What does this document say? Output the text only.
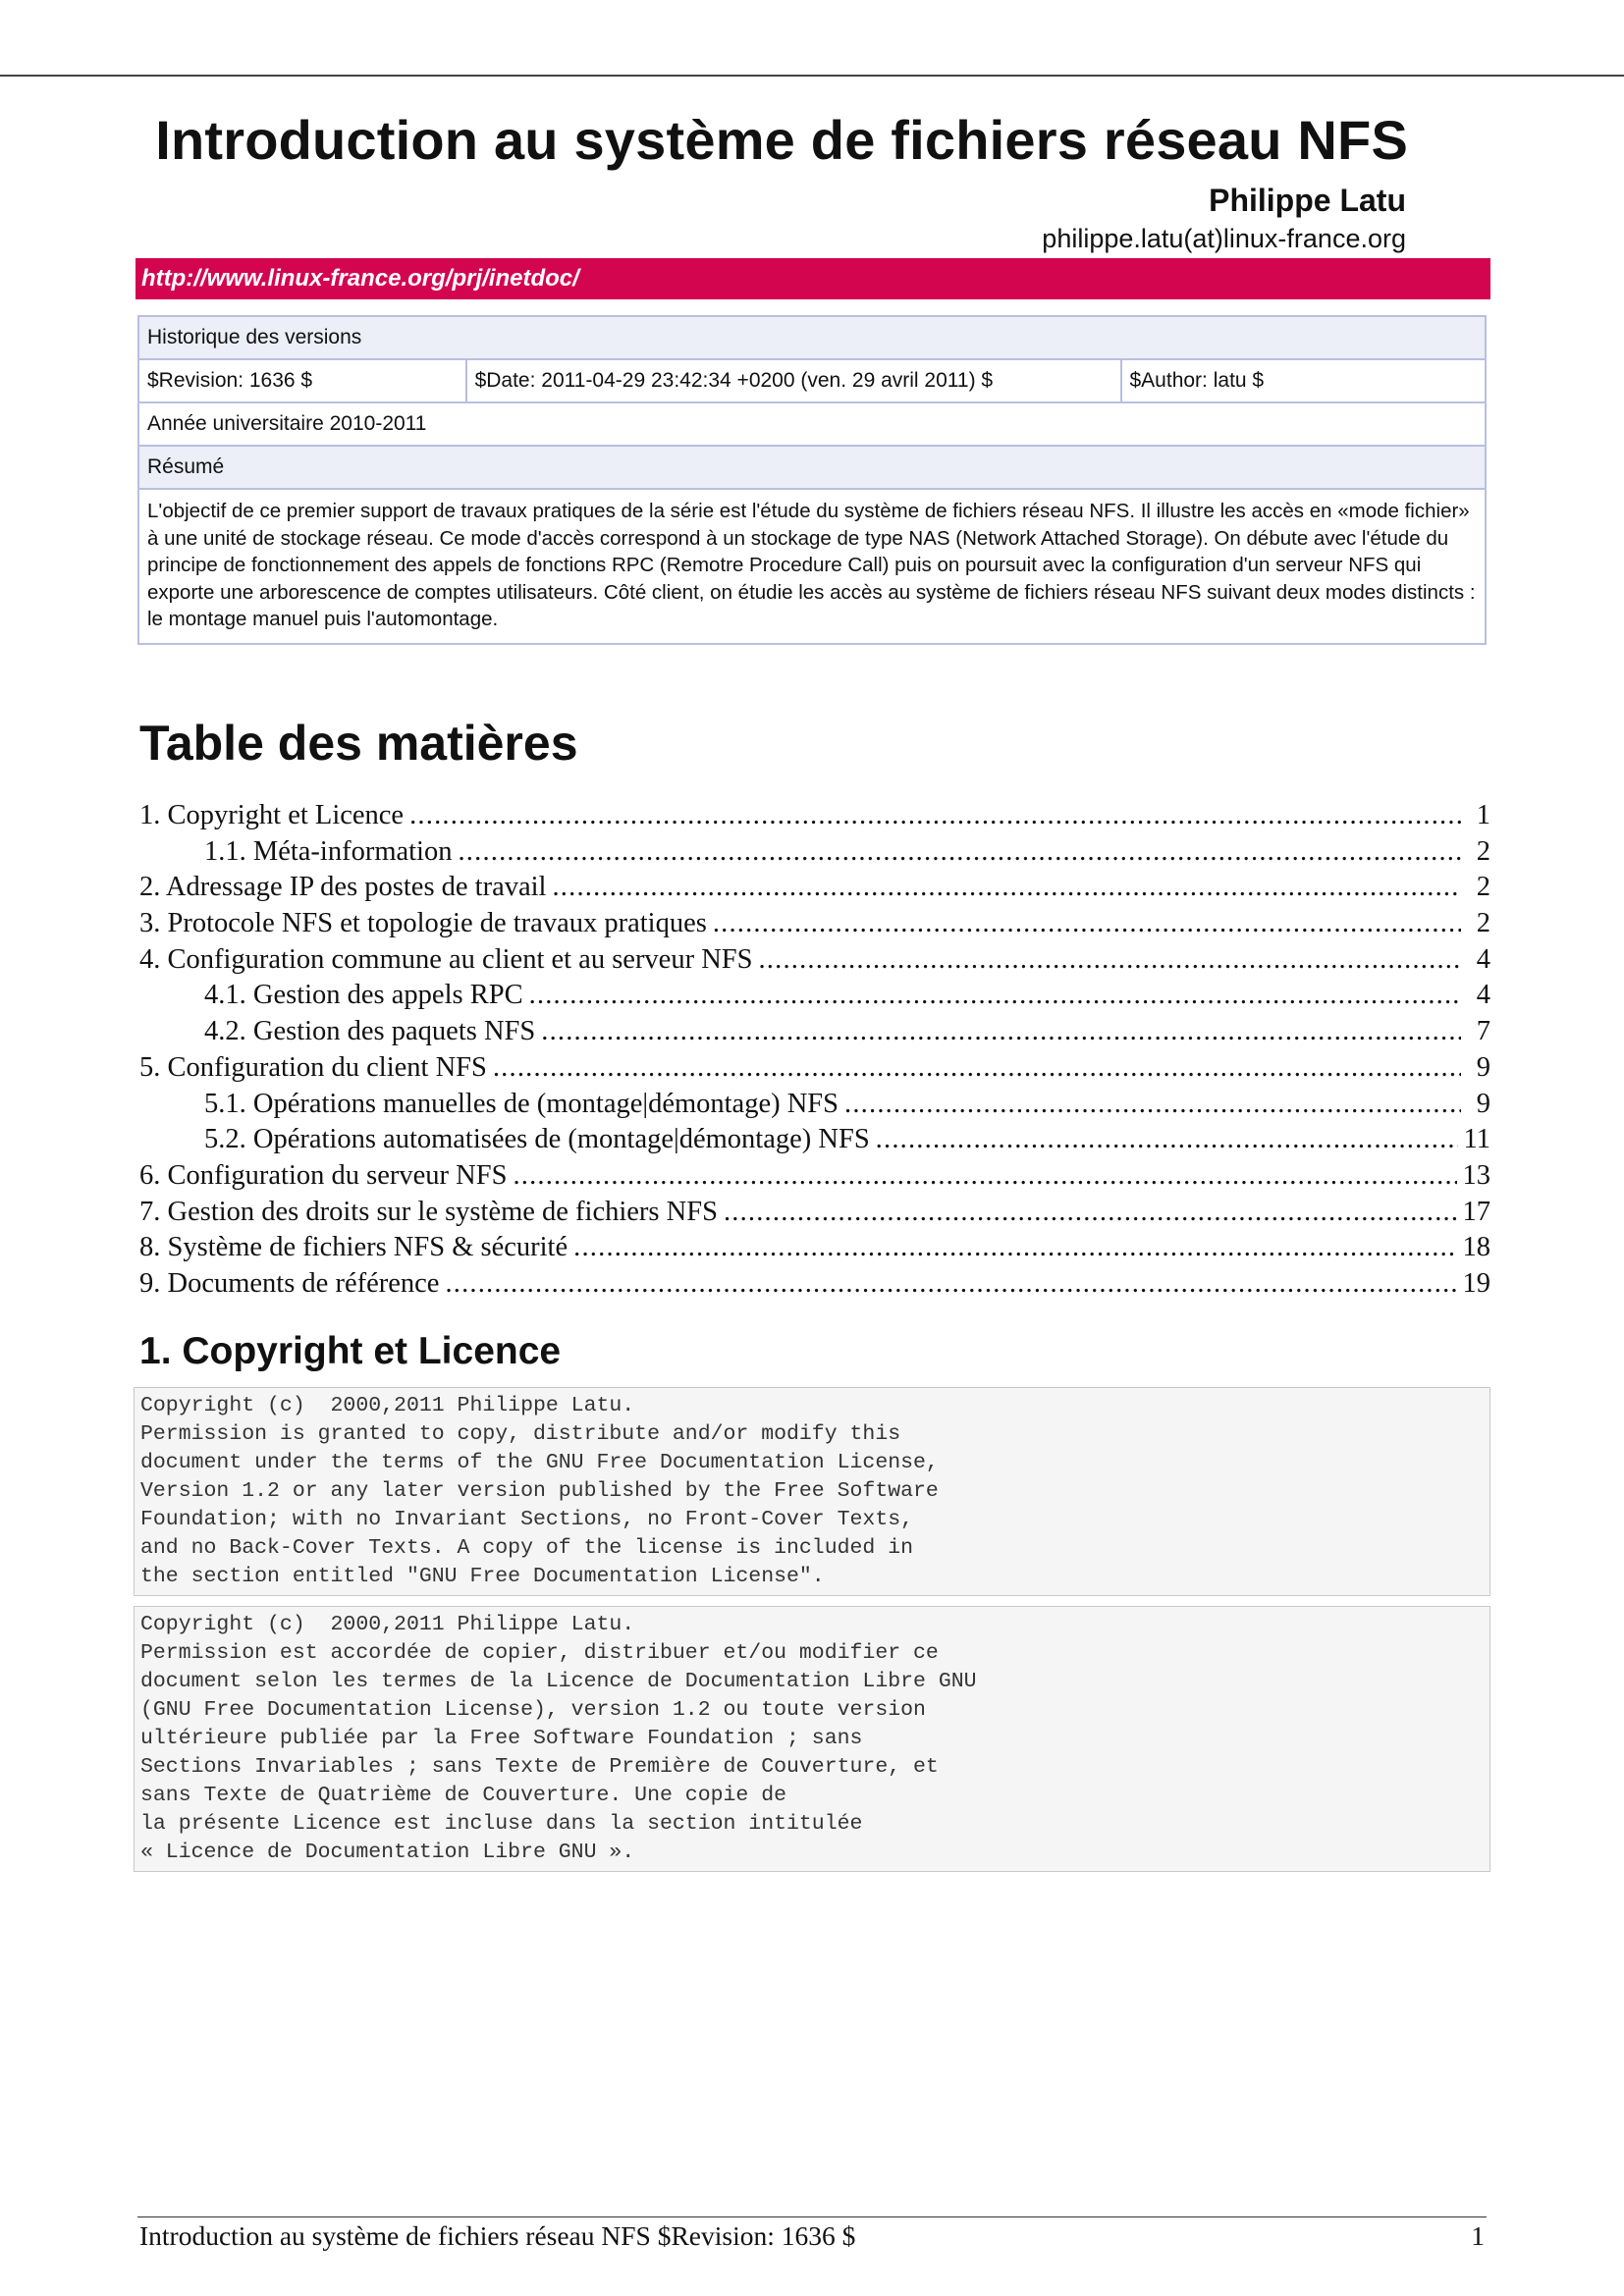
Introduction au système de fichiers réseau NFS
Philippe Latu
philippe.latu(at)linux-france.org
http://www.linux-france.org/prj/inetdoc/
Historique des versions
$Revision: 1636 $	$Date: 2011-04-29 23:42:34 +0200 (ven. 29 avril 2011) $	$Author: latu $
Année universitaire 2010-2011
Résumé
L'objectif de ce premier support de travaux pratiques de la série est l'étude du système de fichiers réseau NFS. Il illustre les accès en «mode fichier» à une unité de stockage réseau. Ce mode d'accès correspond à un stockage de type NAS (Network Attached Storage). On débute avec l'étude du principe de fonctionnement des appels de fonctions RPC (Remotre Procedure Call) puis on poursuit avec la configuration d'un serveur NFS qui exporte une arborescence de comptes utilisateurs. Côté client, on étudie les accès au système de fichiers réseau NFS suivant deux modes distincts : le montage manuel puis l'automontage.
Table des matières
1. Copyright et Licence .....	1
1.1. Méta-information .....	2
2. Adressage IP des postes de travail .....	2
3. Protocole NFS et topologie de travaux pratiques .....	2
4. Configuration commune au client et au serveur NFS .....	4
4.1. Gestion des appels RPC .....	4
4.2. Gestion des paquets NFS .....	7
5. Configuration du client NFS .....	9
5.1. Opérations manuelles de (montage|démontage) NFS .....	9
5.2. Opérations automatisées de (montage|démontage) NFS .....	11
6. Configuration du serveur NFS .....	13
7. Gestion des droits sur le système de fichiers NFS .....	17
8. Système de fichiers NFS & sécurité .....	18
9. Documents de référence .....	19
1. Copyright et Licence
Copyright (c)  2000,2011 Philippe Latu.
Permission is granted to copy, distribute and/or modify this
document under the terms of the GNU Free Documentation License,
Version 1.2 or any later version published by the Free Software
Foundation; with no Invariant Sections, no Front-Cover Texts,
and no Back-Cover Texts. A copy of the license is included in
the section entitled "GNU Free Documentation License".
Copyright (c)  2000,2011 Philippe Latu.
Permission est accordée de copier, distribuer et/ou modifier ce
document selon les termes de la Licence de Documentation Libre GNU
(GNU Free Documentation License), version 1.2 ou toute version
ultérieure publiée par la Free Software Foundation ; sans
Sections Invariables ; sans Texte de Première de Couverture, et
sans Texte de Quatrième de Couverture. Une copie de
la présente Licence est incluse dans la section intitulée
« Licence de Documentation Libre GNU ».
Introduction au système de fichiers réseau NFS $Revision: 1636 $	1
